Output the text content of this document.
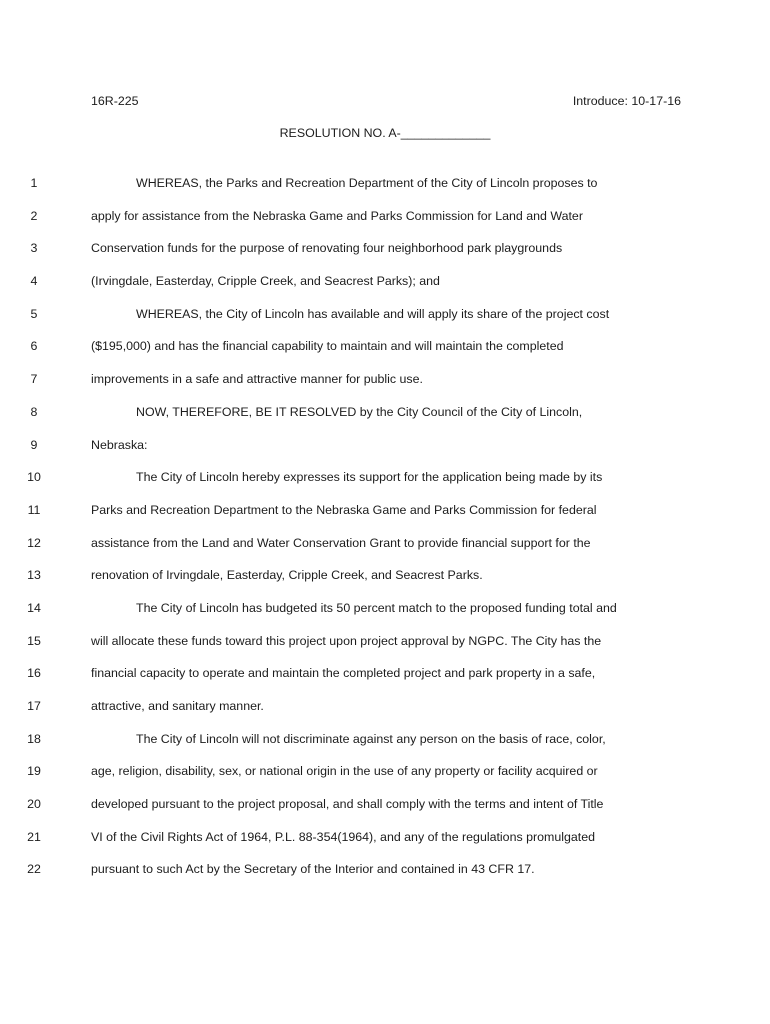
16R-225	Introduce: 10-17-16
RESOLUTION NO. A-_____________
1	WHEREAS, the Parks and Recreation Department of the City of Lincoln proposes to
2	apply for assistance from the Nebraska Game and Parks Commission for Land and Water
3	Conservation funds for the purpose of renovating four neighborhood park playgrounds
4	(Irvingdale, Easterday, Cripple Creek, and Seacrest Parks); and
5	WHEREAS, the City of Lincoln has available and will apply its share of the project cost
6	($195,000) and has the financial capability to maintain and will maintain the completed
7	improvements in a safe and attractive manner for public use.
8	NOW, THEREFORE, BE IT RESOLVED by the City Council of the City of Lincoln,
9	Nebraska:
10	The City of Lincoln hereby expresses its support for the application being made by its
11	Parks and Recreation Department to the Nebraska Game and Parks Commission for federal
12	assistance from the Land and Water Conservation Grant to provide financial support for the
13	renovation of Irvingdale, Easterday, Cripple Creek, and Seacrest Parks.
14	The City of Lincoln has budgeted its 50 percent match to the proposed funding total and
15	will allocate these funds toward this project upon project approval by NGPC. The City has the
16	financial capacity to operate and maintain the completed project and park property in a safe,
17	attractive, and sanitary manner.
18	The City of Lincoln will not discriminate against any person on the basis of race, color,
19	age, religion, disability, sex, or national origin in the use of any property or facility acquired or
20	developed pursuant to the project proposal, and shall comply with the terms and intent of Title
21	VI of the Civil Rights Act of 1964, P.L. 88-354(1964), and any of the regulations promulgated
22	pursuant to such Act by the Secretary of the Interior and contained in 43 CFR 17.
